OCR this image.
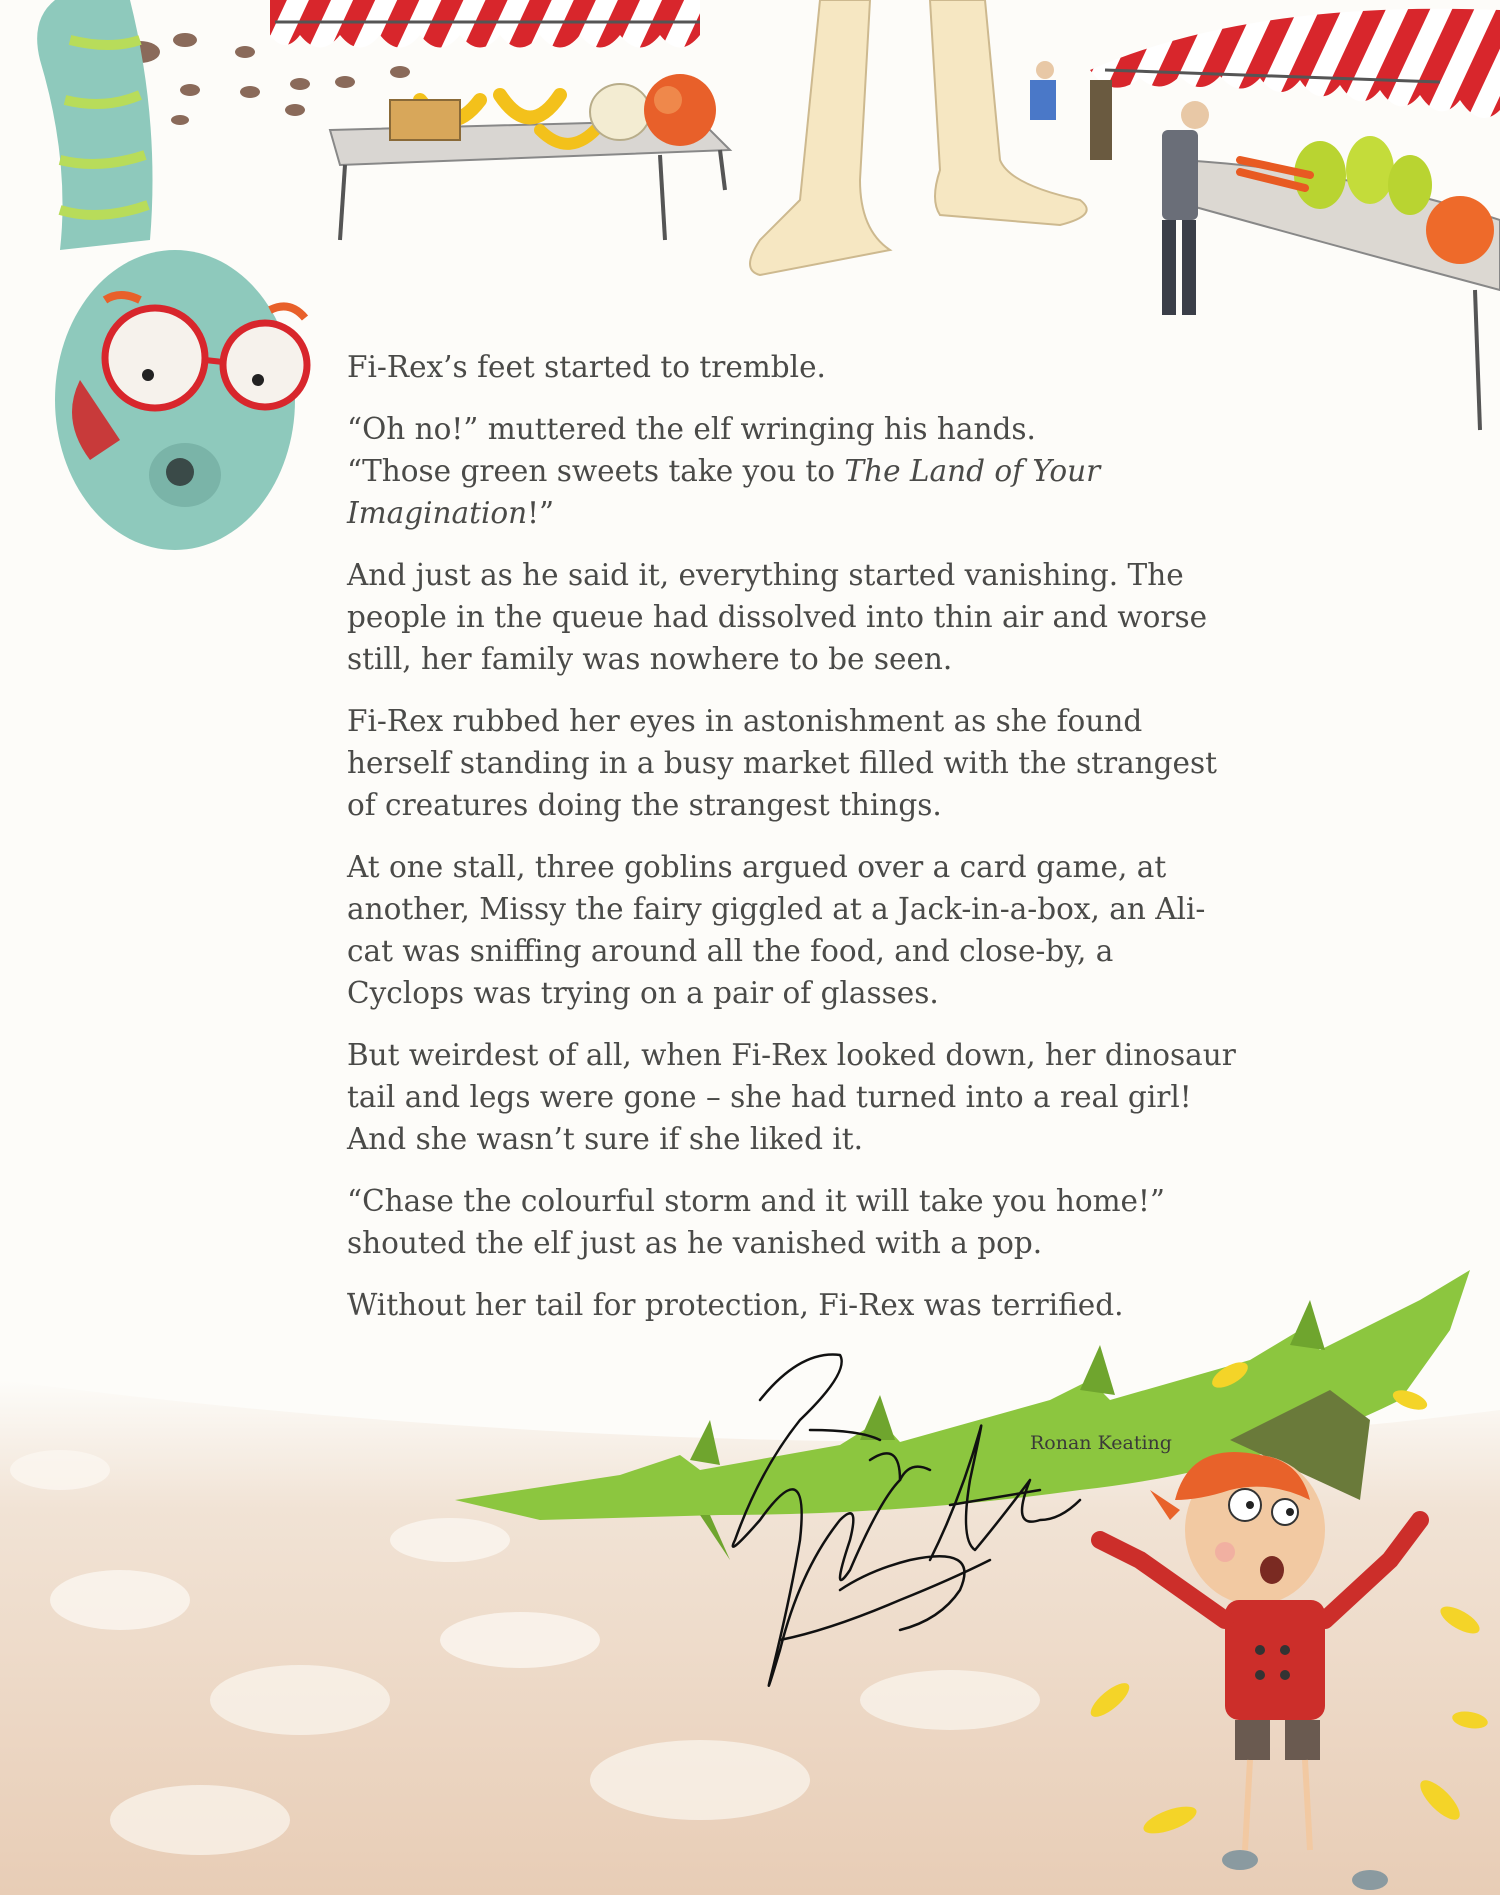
Fi-Rex’s feet started to tremble.

“Oh no!” muttered the elf wringing his hands.
“Those green sweets take you to The Land of Your Imagination!”

And just as he said it, everything started vanishing. The people in the queue had dissolved into thin air and worse still, her family was nowhere to be seen.

Fi-Rex rubbed her eyes in astonishment as she found herself standing in a busy market filled with the strangest of creatures doing the strangest things.

At one stall, three goblins argued over a card game, at another, Missy the fairy giggled at a Jack-in-a-box, an Ali-cat was sniffing around all the food, and close-by, a Cyclops was trying on a pair of glasses.

But weirdest of all, when Fi-Rex looked down, her dinosaur tail and legs were gone – she had turned into a real girl! And she wasn’t sure if she liked it.

“Chase the colourful storm and it will take you home!” shouted the elf just as he vanished with a pop.

Without her tail for protection, Fi-Rex was terrified.

Ronan Keating
